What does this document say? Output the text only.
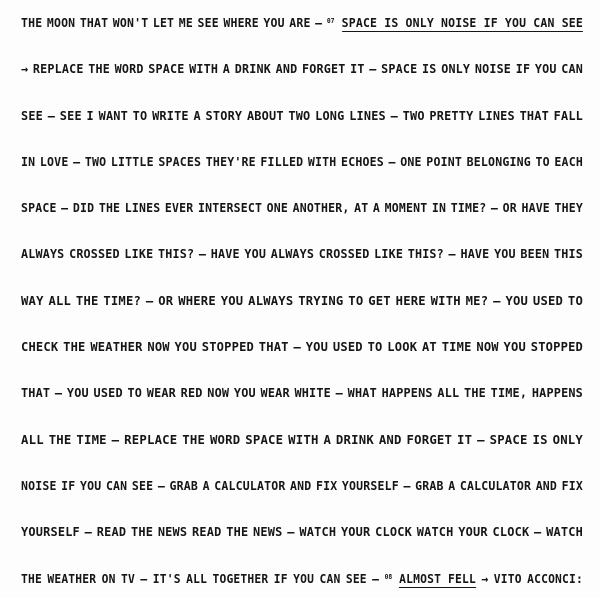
THE MOON THAT WON'T LET ME SEE WHERE YOU ARE — $^{07}$ SPACE IS ONLY NOISE IF YOU CAN SEE
→ REPLACE THE WORD SPACE WITH A DRINK AND FORGET IT — SPACE IS ONLY NOISE IF YOU CAN
SEE — SEE I WANT TO WRITE A STORY ABOUT TWO LONG LINES — TWO PRETTY LINES THAT FALL
IN LOVE — TWO LITTLE SPACES THEY'RE FILLED WITH ECHOES — ONE POINT BELONGING TO EACH
SPACE — DID THE LINES EVER INTERSECT ONE ANOTHER, AT A MOMENT IN TIME? — OR HAVE THEY
ALWAYS CROSSED LIKE THIS? — HAVE YOU ALWAYS CROSSED LIKE THIS? — HAVE YOU BEEN THIS
WAY ALL THE TIME? — OR WHERE YOU ALWAYS TRYING TO GET HERE WITH ME? — YOU USED TO
CHECK THE WEATHER NOW YOU STOPPED THAT — YOU USED TO LOOK AT TIME NOW YOU STOPPED
THAT — YOU USED TO WEAR RED NOW YOU WEAR WHITE — WHAT HAPPENS ALL THE TIME, HAPPENS
ALL THE TIME — REPLACE THE WORD SPACE WITH A DRINK AND FORGET IT — SPACE IS ONLY
NOISE IF YOU CAN SEE — GRAB A CALCULATOR AND FIX YOURSELF — GRAB A CALCULATOR AND FIX
YOURSELF — READ THE NEWS READ THE NEWS — WATCH YOUR CLOCK WATCH YOUR CLOCK — WATCH
THE WEATHER ON TV — IT'S ALL TOGETHER IF YOU CAN SEE — $^{08}$ ALMOST FELL → VITO ACCONCI:
